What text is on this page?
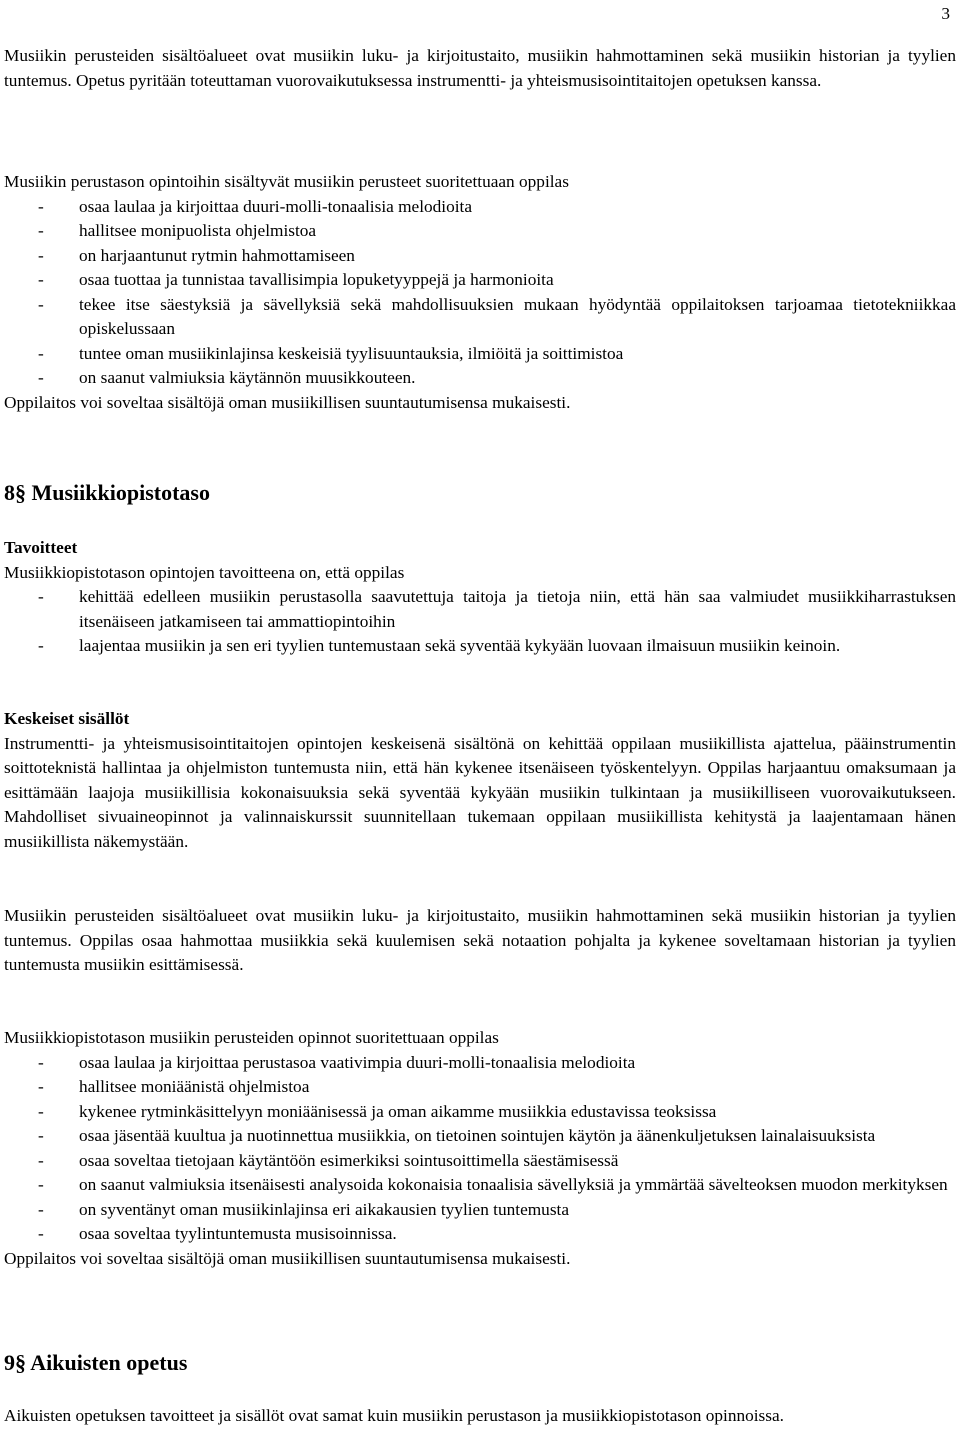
3

Musiikin perusteiden sisältöalueet ovat musiikin luku- ja kirjoitustaito, musiikin hahmottaminen sekä musiikin historian ja tyylien tuntemus. Opetus pyritään toteuttaman vuorovaikutuksessa instrumentti- ja yhteismusisointitaitojen opetuksen kanssa.

Musiikin perustason opintoihin sisältyvät musiikin perusteet suoritettuaan oppilas

- osaa laulaa ja kirjoittaa duuri-molli-tonaalisia melodioita
- hallitsee monipuolista ohjelmistoa
- on harjaantunut rytmin hahmottamiseen
- osaa tuottaa ja tunnistaa tavallisimpia lopuketyyppejä ja harmonioita
- tekee itse säestyksiä ja sävellyksiä sekä mahdollisuuksien mukaan hyödyntää oppilaitoksen tarjoamaa tietotekniikkaa opiskelussaan
- tuntee oman musiikinlajinsa keskeisiä tyylisuuntauksia, ilmiöitä ja soittimistoa
- on saanut valmiuksia käytännön muusikkouteen.

Oppilaitos voi soveltaa sisältöjä oman musiikillisen suuntautumisensa mukaisesti.

8§ Musiikkiopistotaso
Tavoitteet

Musiikkiopistotason opintojen tavoitteena on, että oppilas

- kehittää edelleen musiikin perustasolla saavutettuja taitoja ja tietoja niin, että hän saa valmiudet musiikkiharrastuksen itsenäiseen jatkamiseen tai ammattiopintoihin
- laajentaa musiikin ja sen eri tyylien tuntemustaan sekä syventää kykyään luovaan ilmaisuun musiikin keinoin.
Keskeiset sisällöt

Instrumentti- ja yhteismusisointitaitojen opintojen keskeisenä sisältönä on kehittää oppilaan musiikillista ajattelua, pääinstrumentin soittoteknistä hallintaa ja ohjelmiston tuntemusta niin, että hän kykenee itsenäiseen työskentelyyn. Oppilas harjaantuu omaksumaan ja esittämään laajoja musiikillisia kokonaisuuksia sekä syventää kykyään musiikin tulkintaan ja musiikilliseen vuorovaikutukseen. Mahdolliset sivuaineopinnot ja valinnaiskurssit suunnitellaan tukemaan oppilaan musiikillista kehitystä ja laajentamaan hänen musiikillista näkemystään.

Musiikin perusteiden sisältöalueet ovat musiikin luku- ja kirjoitustaito, musiikin hahmottaminen sekä musiikin historian ja tyylien tuntemus. Oppilas osaa hahmottaa musiikkia sekä kuulemisen sekä notaation pohjalta ja kykenee soveltamaan historian ja tyylien tuntemusta musiikin esittämisessä.

Musiikkiopistotason musiikin perusteiden opinnot suoritettuaan oppilas

- osaa laulaa ja kirjoittaa perustasoa vaativimpia duuri-molli-tonaalisia melodioita
- hallitsee moniäänistä ohjelmistoa
- kykenee rytminkäsittelyyn moniäänisessä ja oman aikamme musiikkia edustavissa teoksissa
- osaa jäsentää kuultua ja nuotinnettua musiikkia, on tietoinen sointujen käytön ja äänenkuljetuksen lainalaisuuksista
- osaa soveltaa tietojaan käytäntöön esimerkiksi sointusoittimella säestämisessä
- on saanut valmiuksia itsenäisesti analysoida kokonaisia tonaalisia sävellyksiä ja ymmärtää sävelteoksen muodon merkityksen
- on syventänyt oman musiikinlajinsa eri aikakausien tyylien tuntemusta
- osaa soveltaa tyylintuntemusta musisoinnissa.

Oppilaitos voi soveltaa sisältöjä oman musiikillisen suuntautumisensa mukaisesti.

9§ Aikuisten opetus

Aikuisten opetuksen tavoitteet ja sisällöt ovat samat kuin musiikin perustason ja musiikkiopistotason opinnoissa.
